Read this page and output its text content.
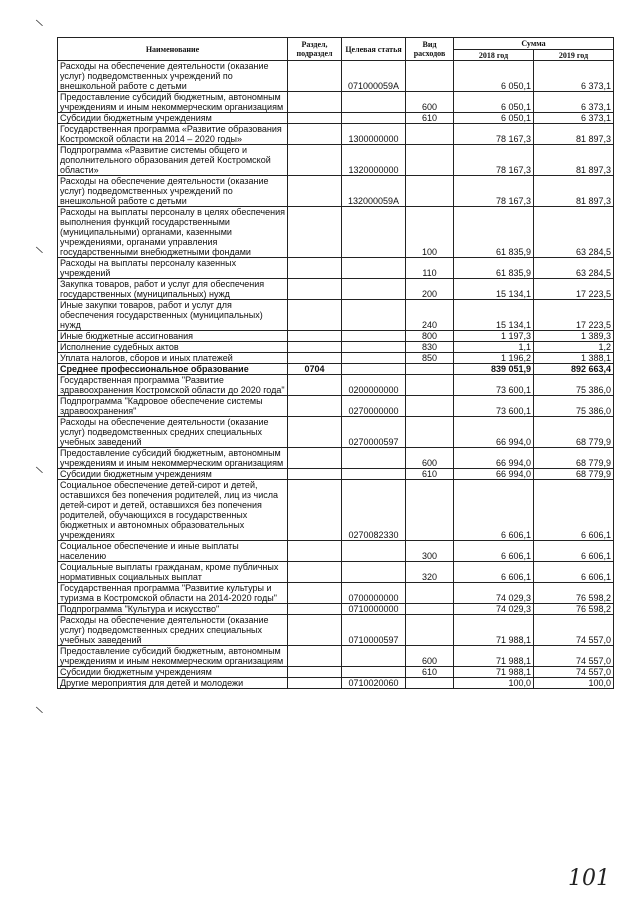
\
\
\
\
Наименование	Раздел, подраздел	Целевая статья	Вид расходов	Сумма	
				2018 год	2019 год
Расходы на обеспечение деятельности (оказание услуг) подведомственных учреждений по внешкольной работе с детьми		071000059A		6 050,1	6 373,1
Предоставление субсидий бюджетным, автономным учреждениям и иным некоммерческим организациям			600	6 050,1	6 373,1
Субсидии бюджетным учреждениям			610	6 050,1	6 373,1
Государственная программа «Развитие образования Костромской области на 2014 – 2020 годы»		1300000000		78 167,3	81 897,3
Подпрограмма «Развитие системы общего и дополнительного образования детей Костромской области»		1320000000		78 167,3	81 897,3
Расходы на обеспечение деятельности (оказание услуг) подведомственных учреждений по внешкольной работе с детьми		132000059A		78 167,3	81 897,3
Расходы на выплаты персоналу в целях обеспечения выполнения функций государственными (муниципальными) органами, казенными учреждениями, органами управления государственными внебюджетными фондами			100	61 835,9	63 284,5
Расходы на выплаты персоналу казенных учреждений			110	61 835,9	63 284,5
Закупка товаров, работ и услуг для обеспечения государственных (муниципальных) нужд			200	15 134,1	17 223,5
Иные закупки товаров, работ и услуг для обеспечения государственных (муниципальных) нужд			240	15 134,1	17 223,5
Иные бюджетные ассигнования			800	1 197,3	1 389,3
Исполнение судебных актов			830	1,1	1,2
Уплата налогов, сборов и иных платежей			850	1 196,2	1 388,1
Среднее профессиональное образование	0704			839 051,9	892 663,4
Государственная программа "Развитие здравоохранения Костромской области до 2020 года"		0200000000		73 600,1	75 386,0
Подпрограмма "Кадровое обеспечение системы здравоохранения"		0270000000		73 600,1	75 386,0
Расходы на обеспечение деятельности (оказание услуг) подведомственных средних специальных учебных заведений		0270000597		66 994,0	68 779,9
Предоставление субсидий бюджетным, автономным учреждениям и иным некоммерческим организациям			600	66 994,0	68 779,9
Субсидии бюджетным учреждениям			610	66 994,0	68 779,9
Социальное обеспечение детей-сирот и детей, оставшихся без попечения родителей, лиц из числа детей-сирот и детей, оставшихся без попечения родителей, обучающихся в государственных бюджетных и автономных образовательных учреждениях		0270082330		6 606,1	6 606,1
Социальное обеспечение и иные выплаты населению			300	6 606,1	6 606,1
Социальные выплаты гражданам, кроме публичных нормативных социальных выплат			320	6 606,1	6 606,1
Государственная программа "Развитие культуры и туризма в Костромской области на 2014-2020 годы"		0700000000		74 029,3	76 598,2
Подпрограмма "Культура и искусство"		0710000000		74 029,3	76 598,2
Расходы на обеспечение деятельности (оказание услуг) подведомственных средних специальных учебных заведений		0710000597		71 988,1	74 557,0
Предоставление субсидий бюджетным, автономным учреждениям и иным некоммерческим организациям			600	71 988,1	74 557,0
Субсидии бюджетным учреждениям			610	71 988,1	74 557,0
Другие мероприятия для детей и молодежи		0710020060		100,0	100,0
101
